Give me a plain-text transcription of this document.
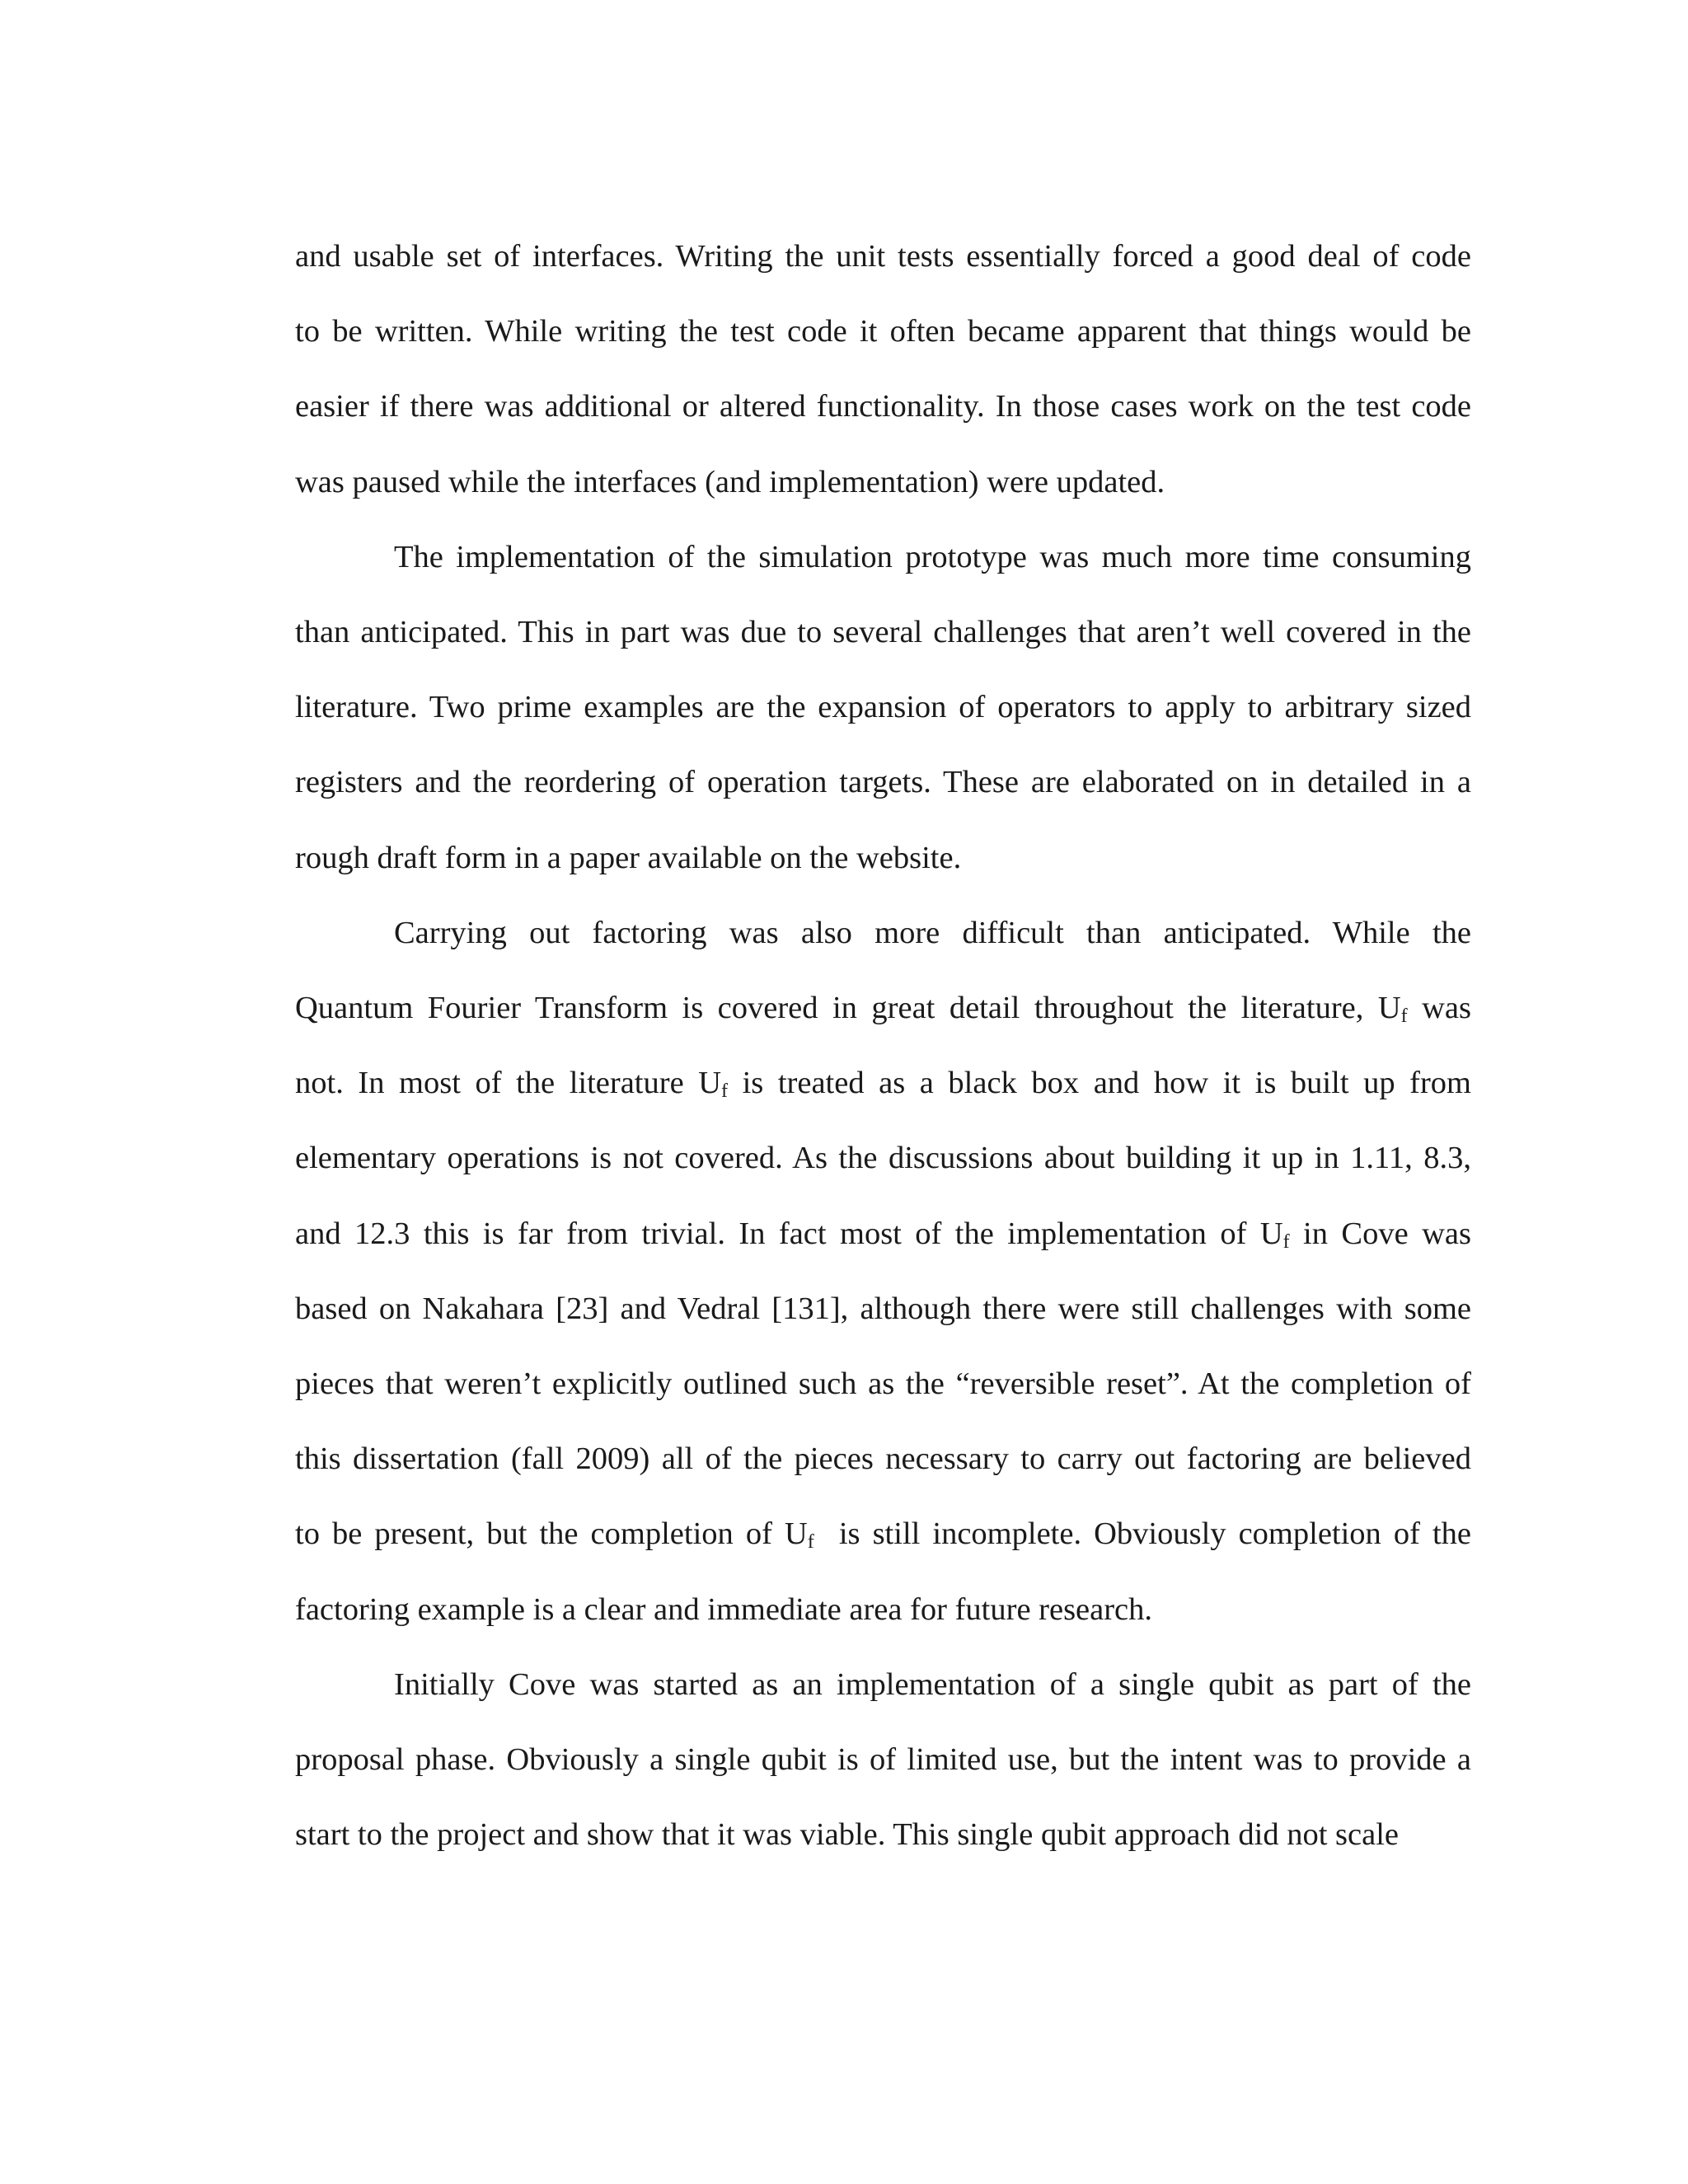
and usable set of interfaces. Writing the unit tests essentially forced a good deal of code
to be written. While writing the test code it often became apparent that things would be
easier if there was additional or altered functionality. In those cases work on the test code
was paused while the interfaces (and implementation) were updated.
The implementation of the simulation prototype was much more time consuming
than anticipated. This in part was due to several challenges that aren’t well covered in the
literature. Two prime examples are the expansion of operators to apply to arbitrary sized
registers and the reordering of operation targets. These are elaborated on in detailed in a
rough draft form in a paper available on the website.
Carrying out factoring was also more difficult than anticipated. While the
Quantum Fourier Transform is covered in great detail throughout the literature, $U_f$ was
not. In most of the literature $U_f$ is treated as a black box and how it is built up from
elementary operations is not covered. As the discussions about building it up in 1.11, 8.3,
and 12.3 this is far from trivial. In fact most of the implementation of $U_f$ in Cove was
based on Nakahara [23] and Vedral [131], although there were still challenges with some
pieces that weren’t explicitly outlined such as the “reversible reset”. At the completion of
this dissertation (fall 2009) all of the pieces necessary to carry out factoring are believed
to be present, but the completion of $U_f$  is still incomplete. Obviously completion of the
factoring example is a clear and immediate area for future research.
Initially Cove was started as an implementation of a single qubit as part of the
proposal phase. Obviously a single qubit is of limited use, but the intent was to provide a
start to the project and show that it was viable. This single qubit approach did not scale
